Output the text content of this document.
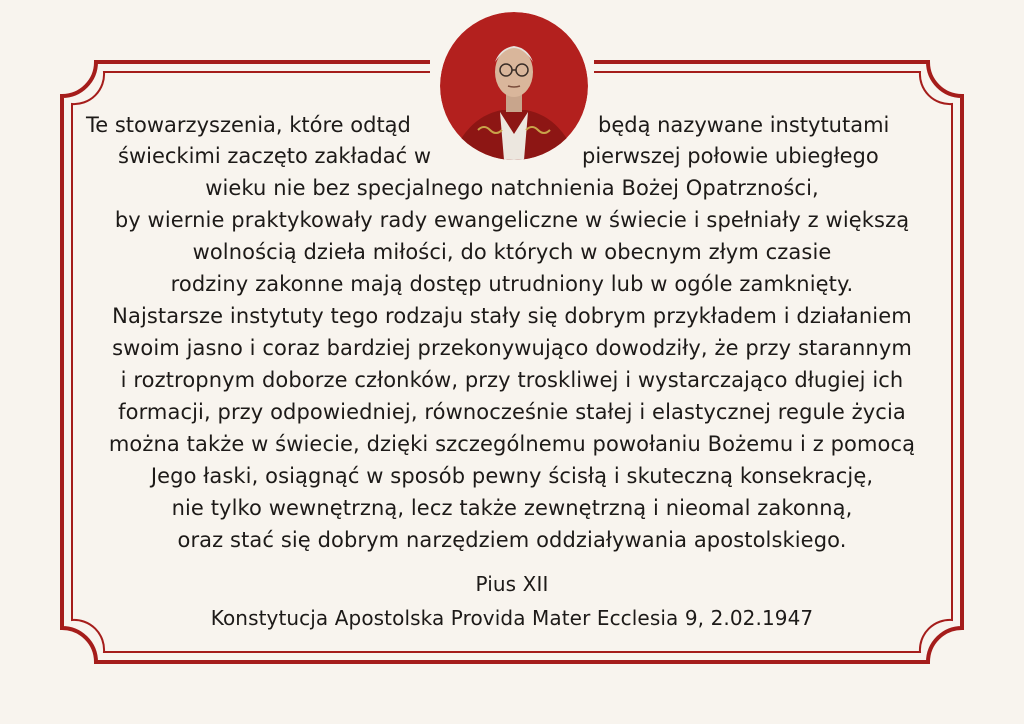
Te stowarzyszenia, które odtąd	będą nazywane instytutami
świeckimi zaczęto zakładać w	pierwszej połowie ubiegłego
wieku nie bez specjalnego natchnienia Bożej Opatrzności,
by wiernie praktykowały rady ewangeliczne w świecie i spełniały z większą
wolnością dzieła miłości, do których w obecnym złym czasie
rodziny zakonne mają dostęp utrudniony lub w ogóle zamknięty.
Najstarsze instytuty tego rodzaju stały się dobrym przykładem i działaniem
swoim jasno i coraz bardziej przekonywująco dowodziły, że przy starannym
i roztropnym doborze członków, przy troskliwej i wystarczająco długiej ich
formacji, przy odpowiedniej, równocześnie stałej i elastycznej regule życia
można także w świecie, dzięki szczególnemu powołaniu Bożemu i z pomocą
Jego łaski, osiągnąć w sposób pewny ścisłą i skuteczną konsekrację,
nie tylko wewnętrzną, lecz także zewnętrzną i nieomal zakonną,
oraz stać się dobrym narzędziem oddziaływania apostolskiego.
Pius XII
Konstytucja Apostolska Provida Mater Ecclesia 9, 2.02.1947
